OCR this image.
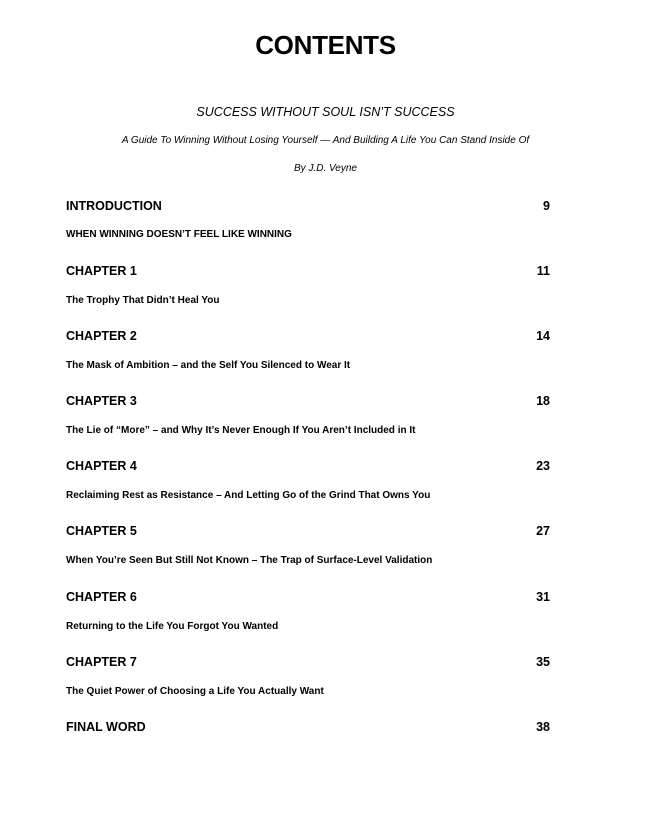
CONTENTS
SUCCESS WITHOUT SOUL ISN’T SUCCESS
A Guide To Winning Without Losing Yourself — And Building A Life You Can Stand Inside Of
By J.D. Veyne
INTRODUCTION	9
WHEN WINNING DOESN’T FEEL LIKE WINNING
CHAPTER 1	11
The Trophy That Didn’t Heal You
CHAPTER 2	14
The Mask of Ambition – and the Self You Silenced to Wear It
CHAPTER 3	18
The Lie of “More” – and Why It’s Never Enough If You Aren’t Included in It
CHAPTER 4	23
Reclaiming Rest as Resistance – And Letting Go of the Grind That Owns You
CHAPTER 5	27
When You’re Seen But Still Not Known – The Trap of Surface-Level Validation
CHAPTER 6	31
Returning to the Life You Forgot You Wanted
CHAPTER 7	35
The Quiet Power of Choosing a Life You Actually Want
FINAL WORD	38
